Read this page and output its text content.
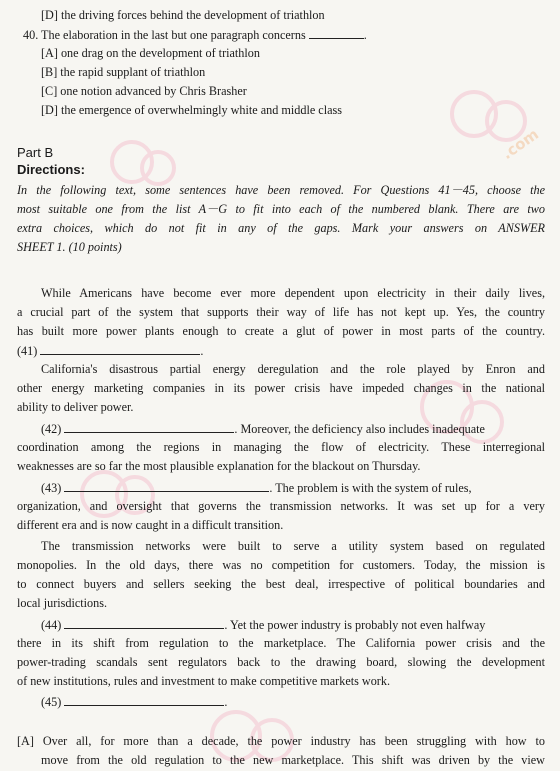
.com
[D] the driving forces behind the development of triathlon
40. The elaboration in the last but one paragraph concerns	.
[A] one drag on the development of triathlon
[B] the rapid supplant of triathlon
[C] one notion advanced by Chris Brasher
[D] the emergence of overwhelmingly white and middle class
Part B
Directions:
In the following text, some sentences have been removed. For Questions 41－45, choose the
most suitable one from the list A－G to fit into each of the numbered blank. There are two
extra choices, which do not fit in any of the gaps. Mark your answers on ANSWER
SHEET 1. (10 points)
While Americans have become ever more dependent upon electricity in their daily lives,
a crucial part of the system that supports their way of life has not kept up. Yes, the country
has built more power plants enough to create a glut of power in most parts of the country.
(41)	.
California's disastrous partial energy deregulation and the role played by Enron and
other energy marketing companies in its power crisis have impeded changes in the national
ability to deliver power.
(42)	. Moreover, the deficiency also includes inadequate
coordination among the regions in managing the flow of electricity. These interregional
weaknesses are so far the most plausible explanation for the blackout on Thursday.
(43)	. The problem is with the system of rules,
organization, and oversight that governs the transmission networks. It was set up for a very
different era and is now caught in a difficult transition.
The transmission networks were built to serve a utility system based on regulated
monopolies. In the old days, there was no competition for customers. Today, the mission is
to connect buyers and sellers seeking the best deal, irrespective of political boundaries and
local jurisdictions.
(44)	. Yet the power industry is probably not even halfway
there in its shift from regulation to the marketplace. The California power crisis and the
power-trading scandals sent regulators back to the drawing board, slowing the development
of new institutions, rules and investment to make competitive markets work.
(45)	.
[A] Over all, for more than a decade, the power industry has been struggling with how to
move from the old regulation to the new marketplace. This shift was driven by the view
